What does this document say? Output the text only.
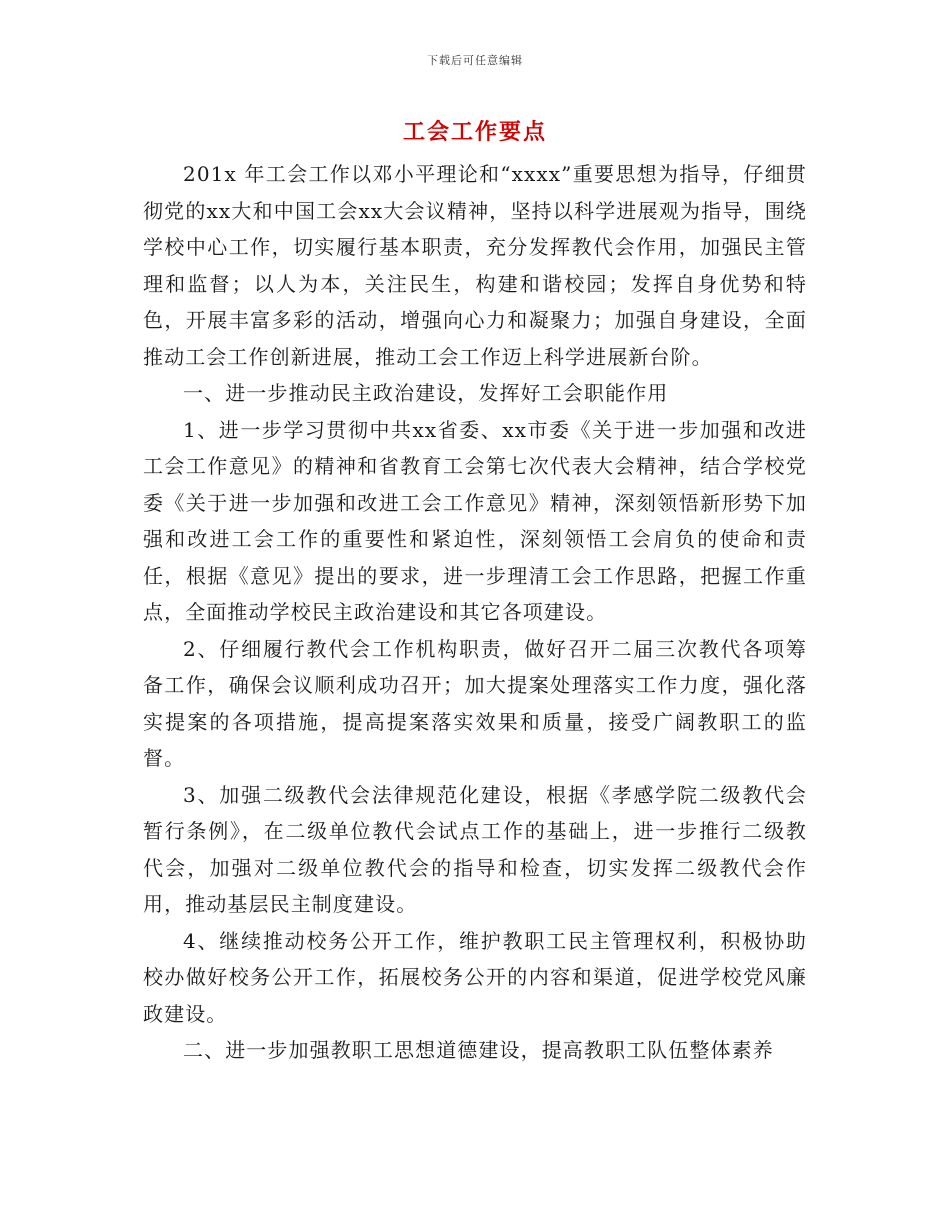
下载后可任意编辑
工会工作要点

201x 年工会工作以邓小平理论和“xxxx”重要思想为指导，仔细贯彻党的xx大和中国工会xx大会议精神，坚持以科学进展观为指导，围绕学校中心工作，切实履行基本职责，充分发挥教代会作用，加强民主管理和监督；以人为本，关注民生，构建和谐校园；发挥自身优势和特色，开展丰富多彩的活动，增强向心力和凝聚力；加强自身建设，全面推动工会工作创新进展，推动工会工作迈上科学进展新台阶。

一、进一步推动民主政治建设，发挥好工会职能作用

1、进一步学习贯彻中共xx省委、xx市委《关于进一步加强和改进工会工作意见》的精神和省教育工会第七次代表大会精神，结合学校党委《关于进一步加强和改进工会工作意见》精神，深刻领悟新形势下加强和改进工会工作的重要性和紧迫性，深刻领悟工会肩负的使命和责任，根据《意见》提出的要求，进一步理清工会工作思路，把握工作重点，全面推动学校民主政治建设和其它各项建设。

2、仔细履行教代会工作机构职责，做好召开二届三次教代各项筹备工作，确保会议顺利成功召开；加大提案处理落实工作力度，强化落实提案的各项措施，提高提案落实效果和质量，接受广阔教职工的监督。

3、加强二级教代会法律规范化建设，根据《孝感学院二级教代会暂行条例》，在二级单位教代会试点工作的基础上，进一步推行二级教代会，加强对二级单位教代会的指导和检查，切实发挥二级教代会作用，推动基层民主制度建设。

4、继续推动校务公开工作，维护教职工民主管理权利，积极协助校办做好校务公开工作，拓展校务公开的内容和渠道，促进学校党风廉政建设。

二、进一步加强教职工思想道德建设，提高教职工队伍整体素养
